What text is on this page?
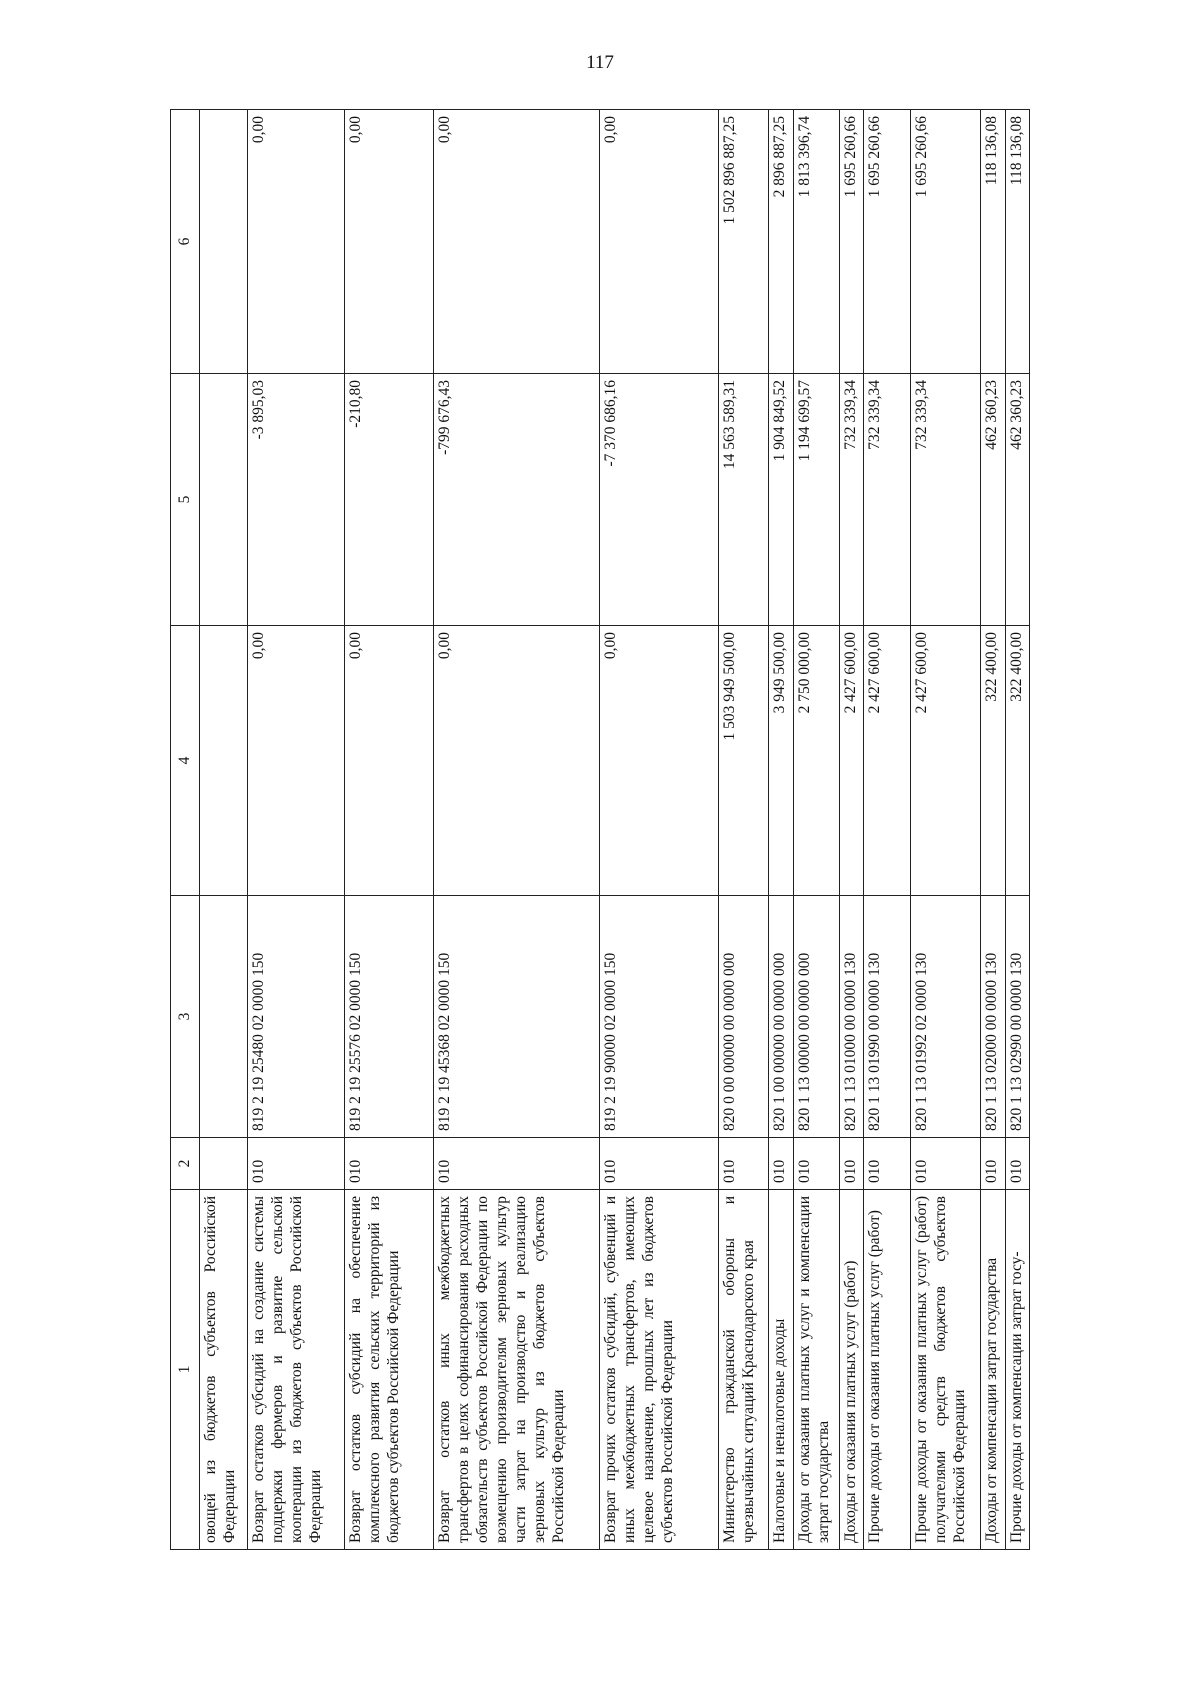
117
1	2	3	4	5	6
овощей из бюджетов субъектов Российской Федерации					
Возврат остатков субсидий на создание системы подцержки фермеров и развитие сельской кооперации из бюджетов субъектов Российской Федерации	010	819 2 19 25480 02 0000 150	0,00	-3 895,03	0,00
Возврат остатков субсидий на обеспечение комплексного развития сельских территорий из бюджетов субъектов Российской Федерации	010	819 2 19 25576 02 0000 150	0,00	-210,80	0,00
Возврат остатков иных межбюджетных трансфертов в целях софинансирования расходных обязательств субъектов Российской Федерации по возмещению производителям зерновых культур части затрат на производство и реализацию зерновых культур из бюджетов субъектов Российской Федерации	010	819 2 19 45368 02 0000 150	0,00	-799 676,43	0,00
Возврат прочих остатков субсидий, субвенций и иных межбюджетных трансфертов, имеющих целевое назначение, прошлых лет из бюджетов субъектов Российской Федерации	010	819 2 19 90000 02 0000 150	0,00	-7 370 686,16	0,00
Министерство гражданской обороны и чрезвычайных ситуаций Краснодарского края	010	820 0 00 00000 00 0000 000	1 503 949 500,00	14 563 589,31	1 502 896 887,25
Налоговые и неналоговые доходы	010	820 1 00 00000 00 0000 000	3 949 500,00	1 904 849,52	2 896 887,25
Доходы от оказания платных услуг и компенсации затрат государства	010	820 1 13 00000 00 0000 000	2 750 000,00	1 194 699,57	1 813 396,74
Доходы от оказания платных услуг (работ)	010	820 1 13 01000 00 0000 130	2 427 600,00	732 339,34	1 695 260,66
Прочие доходы от оказания платных услуг (работ)	010	820 1 13 01990 00 0000 130	2 427 600,00	732 339,34	1 695 260,66
Прочие доходы от оказания платных услуг (работ) получателями средств бюджетов субъектов Российской Федерации	010	820 1 13 01992 02 0000 130	2 427 600,00	732 339,34	1 695 260,66
Доходы от компенсации затрат государства	010	820 1 13 02000 00 0000 130	322 400,00	462 360,23	118 136,08
Прочие доходы от компенсации затрат госу-	010	820 1 13 02990 00 0000 130	322 400,00	462 360,23	118 136,08
